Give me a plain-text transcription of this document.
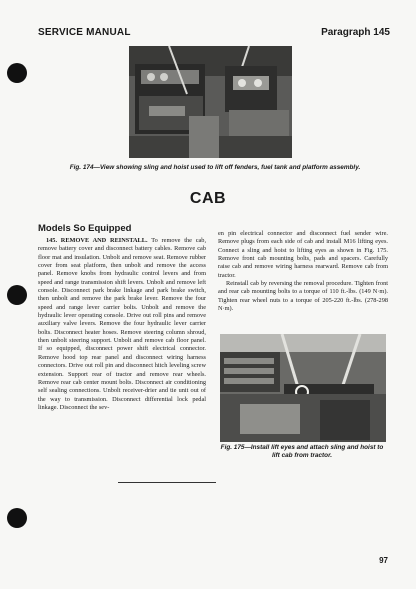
SERVICE MANUAL	Paragraph 145
Fig. 174—View showing sling and hoist used to lift off fenders, fuel tank and platform assembly.
CAB
Models So Equipped

145. REMOVE AND REINSTALL. To remove the cab, remove battery cover and disconnect battery cables. Remove cab floor mat and insulation. Unbolt and remove seat. Remove rubber cover from seat platform, then unbolt and remove the access panel. Remove knobs from hydraulic control levers and from speed and range transmission shift levers. Unbolt and remove left console. Disconnect park brake linkage and park brake switch, then unbolt and remove the park brake lever. Remove the four speed and range lever carrier bolts. Unbolt and remove the hydraulic lever operating console. Drive out roll pins and remove auxiliary valve levers. Remove the four hydraulic lever carrier bolts. Disconnect heater hoses. Remove steering column shroud, then unbolt steering support. Unbolt and remove cab floor panel. If so equipped, disconnect power shift electrical connector. Remove hood top rear panel and disconnect wiring harness connectors. Drive out roll pin and disconnect hitch leveling screw extension. Support rear of tractor and remove rear wheels. Remove rear cab center mount bolts. Disconnect air conditioning self sealing connections. Unbolt receiver-drier and tie unit out of the way to transmission. Disconnect differential lock pedal linkage. Disconnect the sev-

en pin electrical connector and disconnect fuel sender wire. Remove plugs from each side of cab and install M16 lifting eyes. Connect a sling and hoist to lifting eyes as shown in Fig. 175. Remove front cab mounting bolts, pads and spacers. Carefully raise cab and remove wiring harness rearward. Remove cab from tractor.

Reinstall cab by reversing the removal procedure. Tighten front and rear cab mounting bolts to a torque of 110 ft.-lbs. (149 N·m). Tighten rear wheel nuts to a torque of 205-220 ft.-lbs. (278-298 N·m).

Fig. 175—Install lift eyes and attach sling and hoist to lift cab from tractor.
97
